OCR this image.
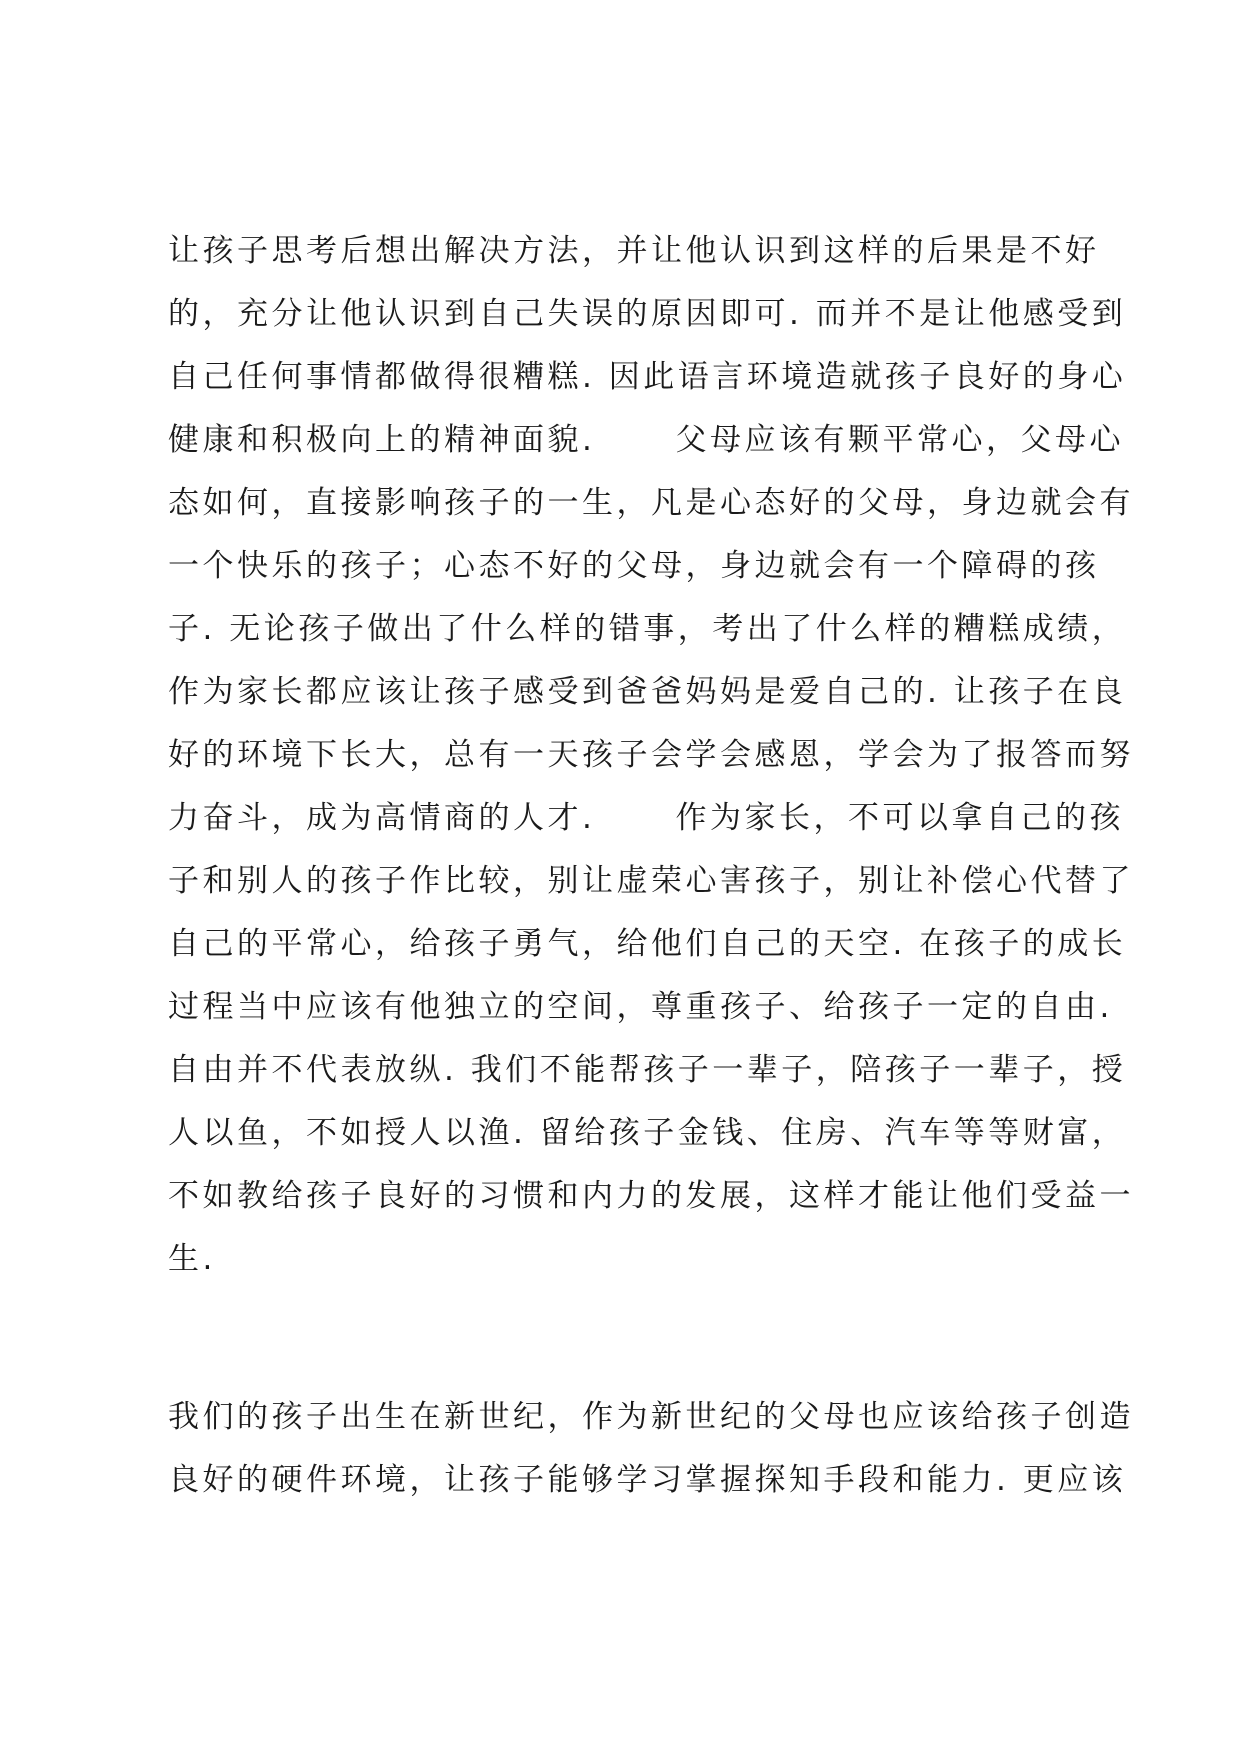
让孩子思考后想出解决方法，并让他认识到这样的后果是不好
的，充分让他认识到自己失误的原因即可. 而并不是让他感受到
自己任何事情都做得很糟糕. 因此语言环境造就孩子良好的身心
健康和积极向上的精神面貌.      父母应该有颗平常心，父母心
态如何，直接影响孩子的一生，凡是心态好的父母，身边就会有
一个快乐的孩子；心态不好的父母，身边就会有一个障碍的孩
子. 无论孩子做出了什么样的错事，考出了什么样的糟糕成绩，
作为家长都应该让孩子感受到爸爸妈妈是爱自己的. 让孩子在良
好的环境下长大，总有一天孩子会学会感恩，学会为了报答而努
力奋斗，成为高情商的人才.      作为家长，不可以拿自己的孩
子和别人的孩子作比较，别让虚荣心害孩子，别让补偿心代替了
自己的平常心，给孩子勇气，给他们自己的天空. 在孩子的成长
过程当中应该有他独立的空间，尊重孩子、给孩子一定的自由.
自由并不代表放纵. 我们不能帮孩子一辈子，陪孩子一辈子，授
人以鱼，不如授人以渔. 留给孩子金钱、住房、汽车等等财富，
不如教给孩子良好的习惯和内力的发展，这样才能让他们受益一
生.
我们的孩子出生在新世纪，作为新世纪的父母也应该给孩子创造
良好的硬件环境，让孩子能够学习掌握探知手段和能力. 更应该
